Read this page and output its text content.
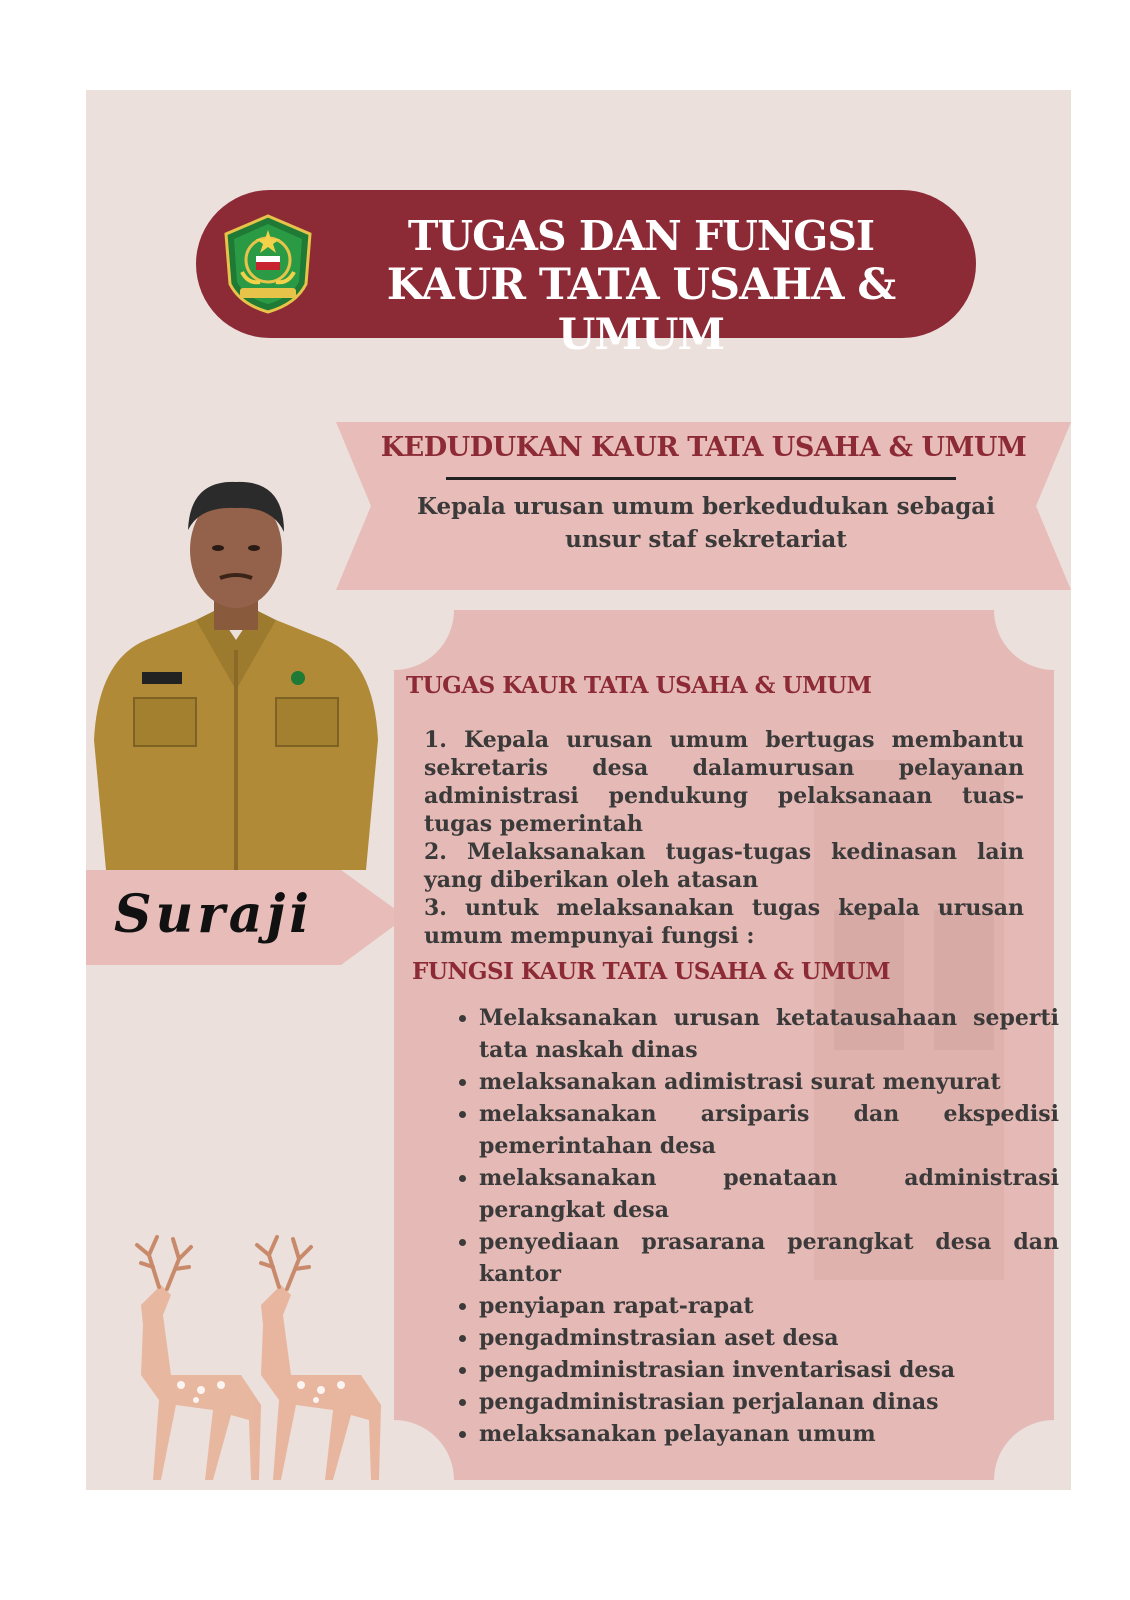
TUGAS DAN FUNGSI
KAUR TATA USAHA & UMUM
KEDUDUKAN KAUR TATA USAHA & UMUM
Kepala urusan umum berkedudukan sebagai unsur staf sekretariat
Suraji
TUGAS KAUR TATA USAHA & UMUM
1. Kepala urusan umum bertugas membantu sekretaris desa dalamurusan pelayanan administrasi pendukung pelaksanaan tuas-tugas pemerintah
2. Melaksanakan tugas-tugas kedinasan lain yang diberikan oleh atasan
3. untuk melaksanakan tugas kepala urusan umum mempunyai fungsi :
FUNGSI KAUR TATA USAHA & UMUM
• Melaksanakan urusan ketatausahaan seperti tata naskah dinas
• melaksanakan adimistrasi surat menyurat
• melaksanakan arsiparis dan ekspedisi pemerintahan desa
• melaksanakan penataan administrasi perangkat desa
• penyediaan prasarana perangkat desa dan kantor
• penyiapan rapat-rapat
• pengadminstrasian aset desa
• pengadministrasian inventarisasi desa
• pengadministrasian perjalanan dinas
• melaksanakan pelayanan umum
